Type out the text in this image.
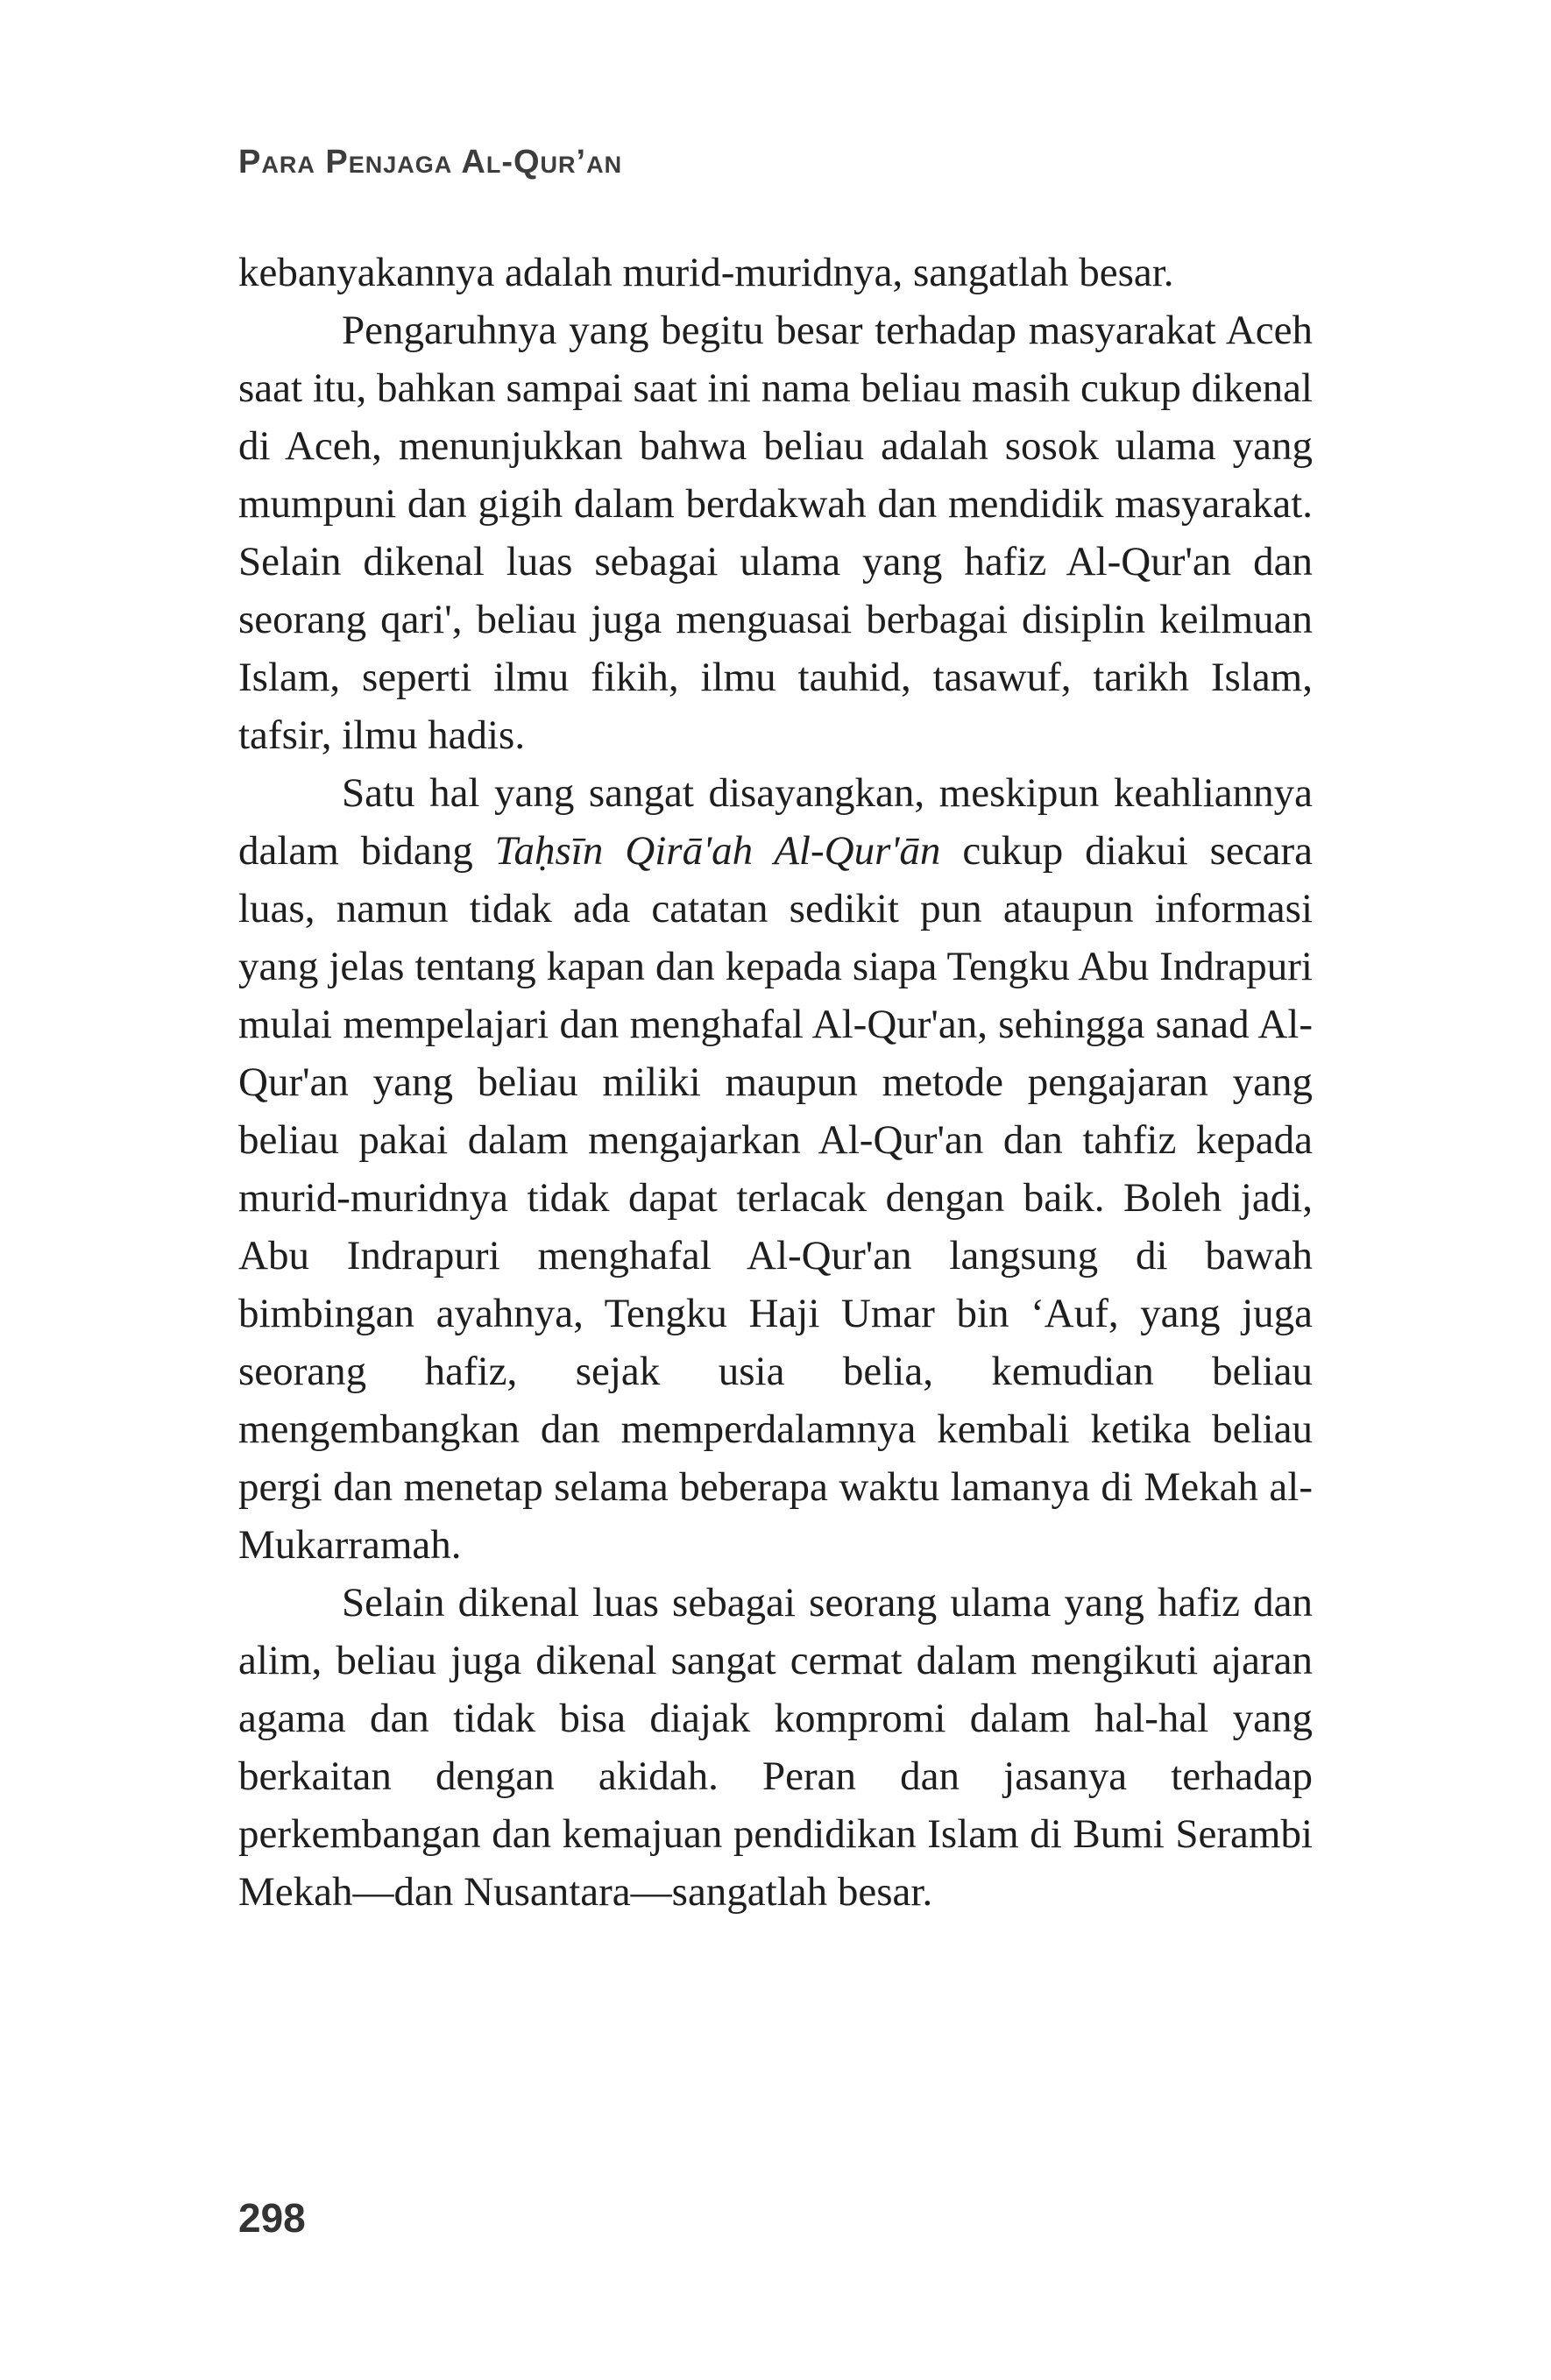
Para Penjaga Al-Qur’an

kebanyakannya adalah murid-muridnya, sangatlah besar.

Pengaruhnya yang begitu besar terhadap masyarakat Aceh saat itu, bahkan sampai saat ini nama beliau masih cukup dikenal di Aceh, menunjukkan bahwa beliau adalah sosok ulama yang mumpuni dan gigih dalam berdakwah dan mendidik masyarakat. Selain dikenal luas sebagai ulama yang hafiz Al-Qur'an dan seorang qari', beliau juga menguasai berbagai disiplin keilmuan Islam, seperti ilmu fikih, ilmu tauhid, tasawuf, tarikh Islam, tafsir, ilmu hadis.

Satu hal yang sangat disayangkan, meskipun keahliannya dalam bidang Taḥsīn Qirā'ah Al-Qur'ān cukup diakui secara luas, namun tidak ada catatan sedikit pun ataupun informasi yang jelas tentang kapan dan kepada siapa Tengku Abu Indrapuri mulai mempelajari dan menghafal Al-Qur'an, sehingga sanad Al-Qur'an yang beliau miliki maupun metode pengajaran yang beliau pakai dalam mengajarkan Al-Qur'an dan tahfiz kepada murid-muridnya tidak dapat terlacak dengan baik. Boleh jadi, Abu Indrapuri menghafal Al-Qur'an langsung di bawah bimbingan ayahnya, Tengku Haji Umar bin ‘Auf, yang juga seorang hafiz, sejak usia belia, kemudian beliau mengembangkan dan memperdalamnya kembali ketika beliau pergi dan menetap selama beberapa waktu lamanya di Mekah al-Mukarramah.

Selain dikenal luas sebagai seorang ulama yang hafiz dan alim, beliau juga dikenal sangat cermat dalam mengikuti ajaran agama dan tidak bisa diajak kompromi dalam hal-hal yang berkaitan dengan akidah. Peran dan jasanya terhadap perkembangan dan kemajuan pendidikan Islam di Bumi Serambi Mekah—dan Nusantara—sangatlah besar.

298
